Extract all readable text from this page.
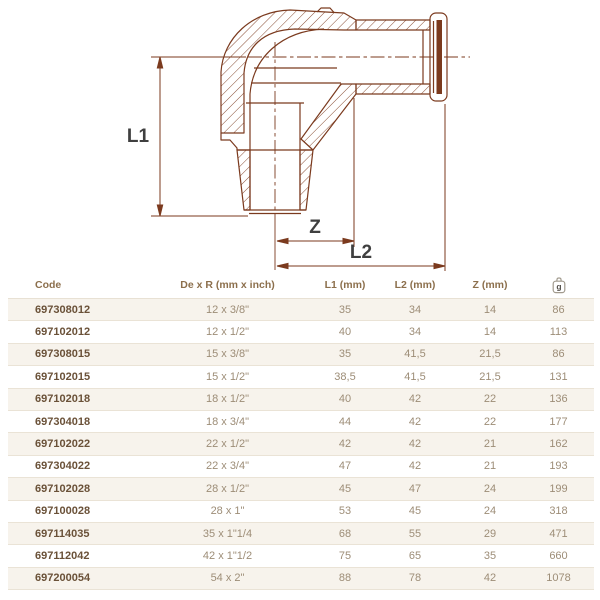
L1
Z
L2
Code	De x R (mm x inch)	L1 (mm)	L2 (mm)	Z (mm)	g
697308012	12 x 3/8"	35	34	14	86
697102012	12 x 1/2"	40	34	14	113
697308015	15 x 3/8"	35	41,5	21,5	86
697102015	15 x 1/2"	38,5	41,5	21,5	131
697102018	18 x 1/2"	40	42	22	136
697304018	18 x 3/4"	44	42	22	177
697102022	22 x 1/2"	42	42	21	162
697304022	22 x 3/4"	47	42	21	193
697102028	28 x 1/2"	45	47	24	199
697100028	28 x 1"	53	45	24	318
697114035	35 x 1"1/4	68	55	29	471
697112042	42 x 1"1/2	75	65	35	660
697200054	54 x 2"	88	78	42	1078
